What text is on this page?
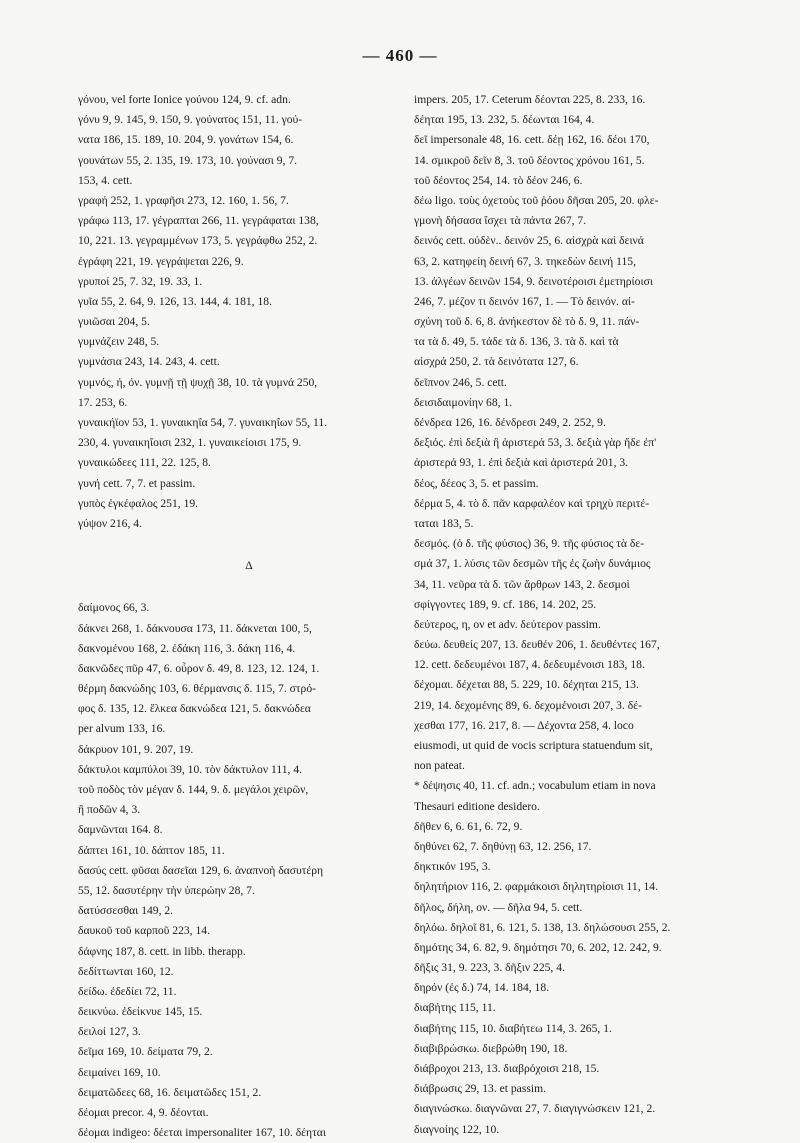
— 460 —
γόνου, vel forte Ionice γούνου 124, 9. cf. adn.
γόνυ 9, 9. 145, 9. 150, 9. γούνατος 151, 11. γού-
νατα 186, 15. 189, 10. 204, 9. γονάτων 154, 6.
γουνάτων 55, 2. 135, 19. 173, 10. γούνασι 9, 7.
153, 4. cett.
γραφή 252, 1. γραφῆσι 273, 12. 160, 1. 56, 7.
γράφω 113, 17. γέγραπται 266, 11. γεγράφαται 138,
10, 221. 13. γεγραμμένων 173, 5. γεγράφθω 252, 2.
ἐγράφη 221, 19. γεγράψεται 226, 9.
γρυποί 25, 7. 32, 19. 33, 1.
γυῖα 55, 2. 64, 9. 126, 13. 144, 4. 181, 18.
γυιῶσαι 204, 5.
γυμνάζειν 248, 5.
γυμνάσια 243, 14. 243, 4. cett.
γυμνός, ή, όν. γυμνῇ τῇ ψυχῇ 38, 10. τὰ γυμνά 250,
17. 253, 6.
γυναικήϊον 53, 1. γυναικηΐα 54, 7. γυναικηΐων 55, 11.
230, 4. γυναικηΐοισι 232, 1. γυναικείοισι 175, 9.
γυναικώδεες 111, 22. 125, 8.
γυνή cett. 7, 7. et passim.
γυπὸς ἐγκέφαλος 251, 19.
γύψον 216, 4.
Δ
δαίμονος 66, 3.
δάκνει 268, 1. δάκνουσα 173, 11. δάκνεται 100, 5,
δακνομένου 168, 2. ἐδάκη 116, 3. δάκη 116, 4.
δακνῶδες πῦρ 47, 6. οὖρον δ. 49, 8. 123, 12. 124, 1.
θέρμη δακνώδης 103, 6. θέρμανσις δ. 115, 7. στρό-
φος δ. 135, 12. ἕλκεα δακνώδεα 121, 5. δακνώδεα
per alvum 133, 16.
δάκρυον 101, 9. 207, 19.
δάκτυλοι καμπύλοι 39, 10. τὸν δάκτυλον 111, 4.
τοῦ ποδὸς τὸν μέγαν δ. 144, 9. δ. μεγάλοι χειρῶν,
ἢ ποδῶν 4, 3.
δαμνῶνται 164. 8.
δάπτει 161, 10. δάπτον 185, 11.
δασύς cett. φῦσαι δασεῖαι 129, 6. ἀναπνοὴ δασυτέρη
55, 12. δασυτέρην τὴν ὑπερώην 28, 7.
δατύσσεσθαι 149, 2.
δαυκοῦ τοῦ καρποῦ 223, 14.
δάφνης 187, 8. cett. in libb. therapp.
δεδίττωνται 160, 12.
δείδω. ἐδεδίει 72, 11.
δεικνύω. ἐδείκνυε 145, 15.
δειλοί 127, 3.
δεῖμα 169, 10. δείματα 79, 2.
δειμαίνει 169, 10.
δειματῶδεες 68, 16. δειματῶδες 151, 2.
δέομαι precor. 4, 9. δέονται.
δέομαι indigeo: δέεται impersonaliter 167, 10. δέηται
impers. 205, 17. Ceterum δέονται 225, 8. 233, 16.
δέηται 195, 13. 232, 5. δέωνται 164, 4.
δεῖ impersonale 48, 16. cett. δέῃ 162, 16. δέοι 170,
14. σμικροῦ δεῖν 8, 3. τοῦ δέοντος χρόνου 161, 5.
τοῦ δέοντος 254, 14. τὸ δέον 246, 6.
δέω ligo. τοὺς ὀχετοὺς τοῦ ῥόου δῆσαι 205, 20. φλε-
γμονὴ δήσασα ἴσχει τὰ πάντα 267, 7.
δεινός cett. οὐδὲν.. δεινόν 25, 6. αἰσχρὰ καὶ δεινά
63, 2. κατηφείη δεινή 67, 3. τηκεδὼν δεινή 115,
13. ἀλγέων δεινῶν 154, 9. δεινοτέροισι ἐμετηρίοισι
246, 7. μέζον τι δεινόν 167, 1. — Τὸ δεινόν. αἰ-
σχύνη τοῦ δ. 6, 8. ἀνήκεστον δὲ τὸ δ. 9, 11. πάν-
τα τὰ δ. 49, 5. τάδε τὰ δ. 136, 3. τὰ δ. καὶ τὰ
αἰσχρά 250, 2. τὰ δεινότατα 127, 6.
δεῖπνον 246, 5. cett.
δεισιδαιμονίην 68, 1.
δένδρεα 126, 16. δένδρεσι 249, 2. 252, 9.
δεξιός. ἐπὶ δεξιὰ ἢ ἀριστερά 53, 3. δεξιὰ γὰρ ἤδε ἐπ'
ἀριστερά 93, 1. ἐπὶ δεξιὰ καὶ ἀριστερά 201, 3.
δέος, δέεος 3, 5. et passim.
δέρμα 5, 4. τὸ δ. πᾶν καρφαλέον καὶ τρηχὺ περιτέ-
ταται 183, 5.
δεσμός. (ὁ δ. τῆς φύσιος) 36, 9. τῆς φύσιος τὰ δε-
σμά 37, 1. λύσις τῶν δεσμῶν τῆς ἐς ζωὴν δυνάμιος
34, 11. νεῦρα τὰ δ. τῶν ἄρθρων 143, 2. δεσμοὶ
σφίγγοντες 189, 9. cf. 186, 14. 202, 25.
δεύτερος, η, ον et adv. δεύτερον passim.
δεύω. δευθείς 207, 13. δευθέν 206, 1. δευθέντες 167,
12. cett. δεδευμένοι 187, 4. δεδευμένοισι 183, 18.
δέχομαι. δέχεται 88, 5. 229, 10. δέχηται 215, 13.
219, 14. δεχομένης 89, 6. δεχομένοισι 207, 3. δέ-
χεσθαι 177, 16. 217, 8. — Δέχοντα 258, 4. loco
eiusmodi, ut quid de vocis scriptura statuendum sit,
non pateat.
* δέψησις 40, 11. cf. adn.; vocabulum etiam in nova
Thesauri editione desidero.
δῆθεν 6, 6. 61, 6. 72, 9.
δηθύνει 62, 7. δηθύνῃ 63, 12. 256, 17.
δηκτικόν 195, 3.
δηλητήριον 116, 2. φαρμάκοισι δηλητηρίοισι 11, 14.
δῆλος, δήλη, ον. — δῆλα 94, 5. cett.
δηλόω. δηλοῖ 81, 6. 121, 5. 138, 13. δηλώσουσι 255, 2.
δημότης 34, 6. 82, 9. δημότησι 70, 6. 202, 12. 242, 9.
δῆξις 31, 9. 223, 3. δῆξιν 225, 4.
δηρόν (ἐς δ.) 74, 14. 184, 18.
διαβήτης 115, 11.
διαβήτης 115, 10. διαβήτεω 114, 3. 265, 1.
διαβιβρώσκω. διεβρώθη 190, 18.
διάβροχοι 213, 13. διαβρόχοισι 218, 15.
διάβρωσις 29, 13. et passim.
διαγινώσκω. διαγνῶναι 27, 7. διαγιγνώσκειν 121, 2.
διαγνοίης 122, 10.
